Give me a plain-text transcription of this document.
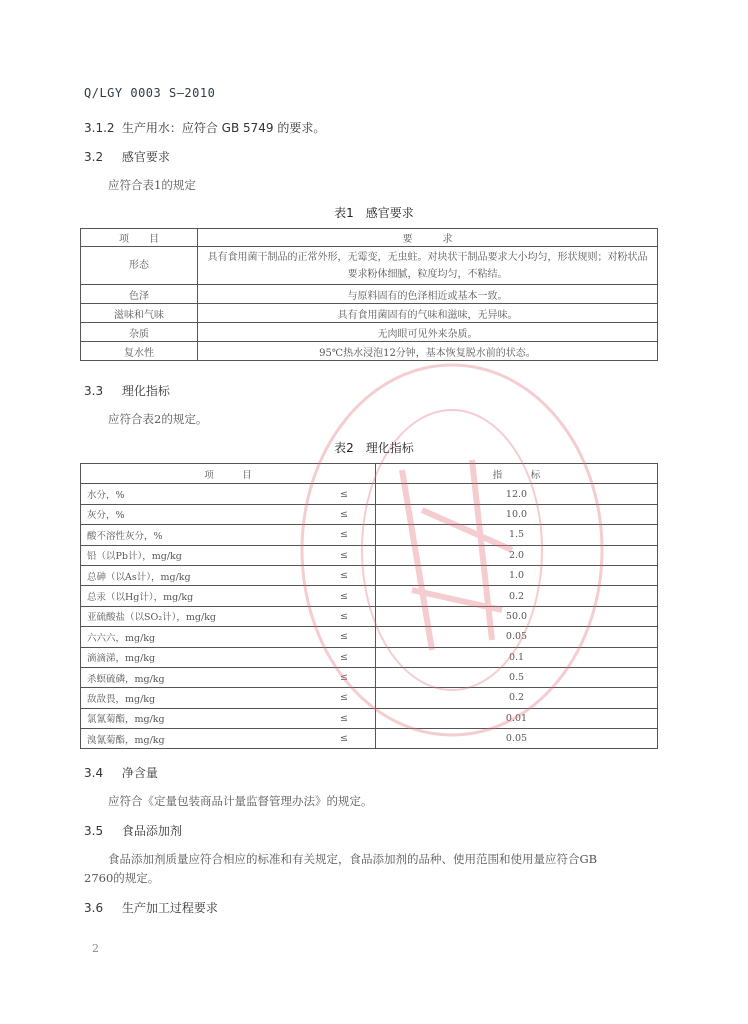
Q/LGY 0003 S—2010
3.1.2 生产用水：应符合 GB 5749 的要求。
3.2 感官要求
应符合表1的规定
表1　感官要求
项　　目	要　　　求
形态	具有食用菌干制品的正常外形，无霉变，无虫蛀。对块状干制品要求大小均匀，形状规则；对粉状品要求粉体细腻，粒度均匀，不粘结。
色泽	与原料固有的色泽相近或基本一致。
滋味和气味	具有食用菌固有的气味和滋味，无异味。
杂质	无肉眼可见外来杂质。
复水性	95℃热水浸泡12分钟，基本恢复脱水前的状态。
3.3 理化指标
应符合表2的规定。
表2　理化指标
项　　　目		指　　　标
水分，%	≤	12.0
灰分，%	≤	10.0
酸不溶性灰分，%	≤	1.5
铅（以Pb计），mg/kg	≤	2.0
总砷（以As计），mg/kg	≤	1.0
总汞（以Hg计），mg/kg	≤	0.2
亚硫酸盐（以SO₂计），mg/kg	≤	50.0
六六六，mg/kg	≤	0.05
滴滴涕，mg/kg	≤	0.1
杀螟硫磷，mg/kg	≤	0.5
敌敌畏，mg/kg	≤	0.2
氯氰菊酯，mg/kg	≤	0.01
溴氰菊酯，mg/kg	≤	0.05
3.4 净含量
应符合《定量包装商品计量监督管理办法》的规定。
3.5 食品添加剂
食品添加剂质量应符合相应的标准和有关规定，食品添加剂的品种、使用范围和使用量应符合GB
2760的规定。
3.6 生产加工过程要求
2
